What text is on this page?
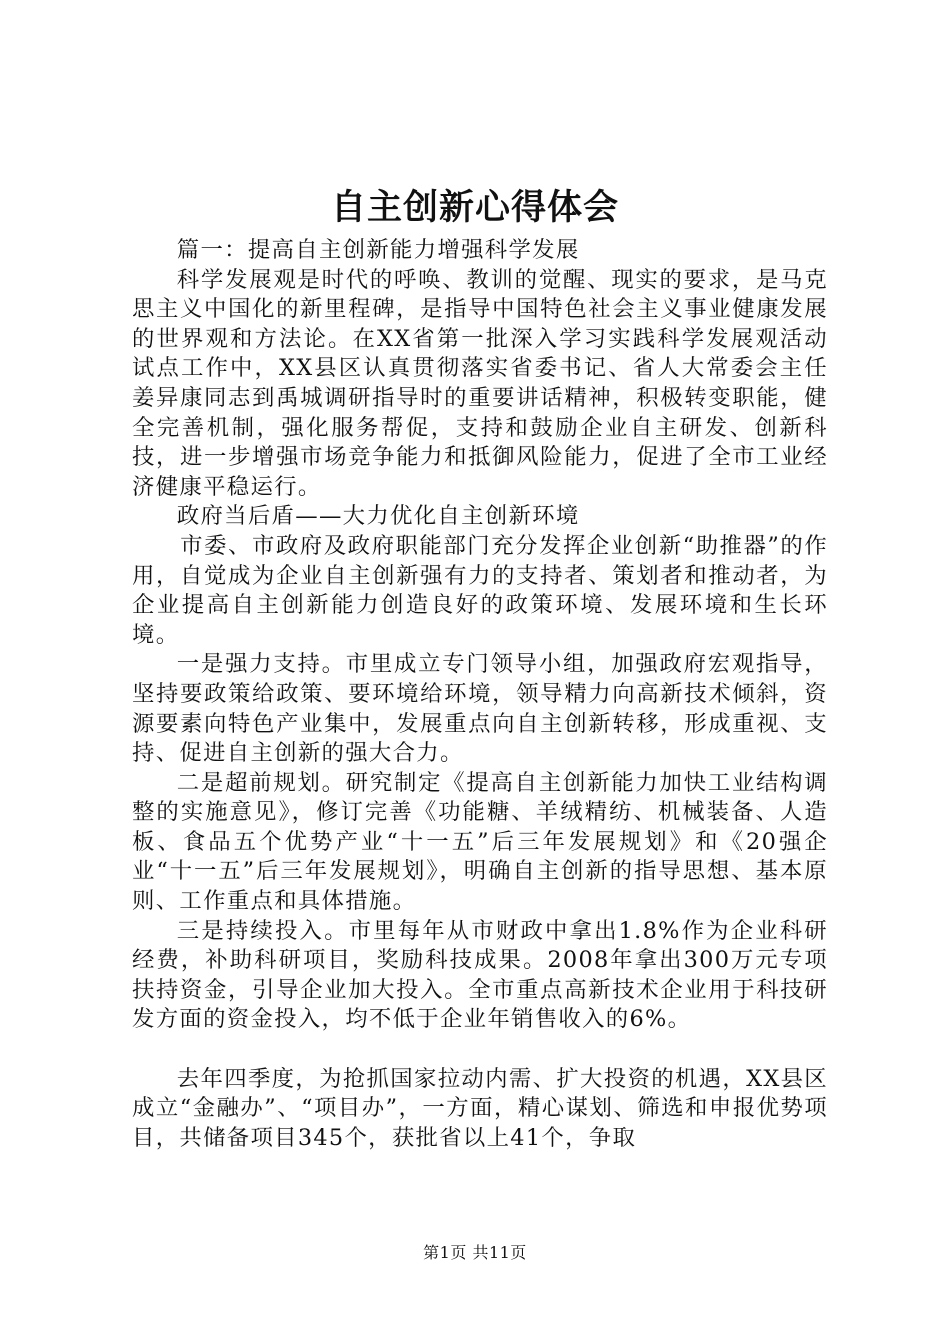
自主创新心得体会

篇一：提高自主创新能力增强科学发展

科学发展观是时代的呼唤、教训的觉醒、现实的要求，是马克思主义中国化的新里程碑，是指导中国特色社会主义事业健康发展的世界观和方法论。在XX省第一批深入学习实践科学发展观活动试点工作中，XX县区认真贯彻落实省委书记、省人大常委会主任姜异康同志到禹城调研指导时的重要讲话精神，积极转变职能，健全完善机制，强化服务帮促，支持和鼓励企业自主研发、创新科技，进一步增强市场竞争能力和抵御风险能力，促进了全市工业经济健康平稳运行。

政府当后盾——大力优化自主创新环境

市委、市政府及政府职能部门充分发挥企业创新“助推器”的作用，自觉成为企业自主创新强有力的支持者、策划者和推动者，为企业提高自主创新能力创造良好的政策环境、发展环境和生长环境。

一是强力支持。市里成立专门领导小组，加强政府宏观指导，坚持要政策给政策、要环境给环境，领导精力向高新技术倾斜，资源要素向特色产业集中，发展重点向自主创新转移，形成重视、支持、促进自主创新的强大合力。

二是超前规划。研究制定《提高自主创新能力加快工业结构调整的实施意见》，修订完善《功能糖、羊绒精纺、机械装备、人造板、食品五个优势产业“十一五”后三年发展规划》和《20强企业“十一五”后三年发展规划》，明确自主创新的指导思想、基本原则、工作重点和具体措施。

三是持续投入。市里每年从市财政中拿出1.8%作为企业科研经费，补助科研项目，奖励科技成果。2008年拿出300万元专项扶持资金，引导企业加大投入。全市重点高新技术企业用于科技研发方面的资金投入，均不低于企业年销售收入的6%。

去年四季度，为抢抓国家拉动内需、扩大投资的机遇，XX县区成立“金融办”、“项目办”，一方面，精心谋划、筛选和申报优势项目，共储备项目345个，获批省以上41个，争取

第1页 共11页
